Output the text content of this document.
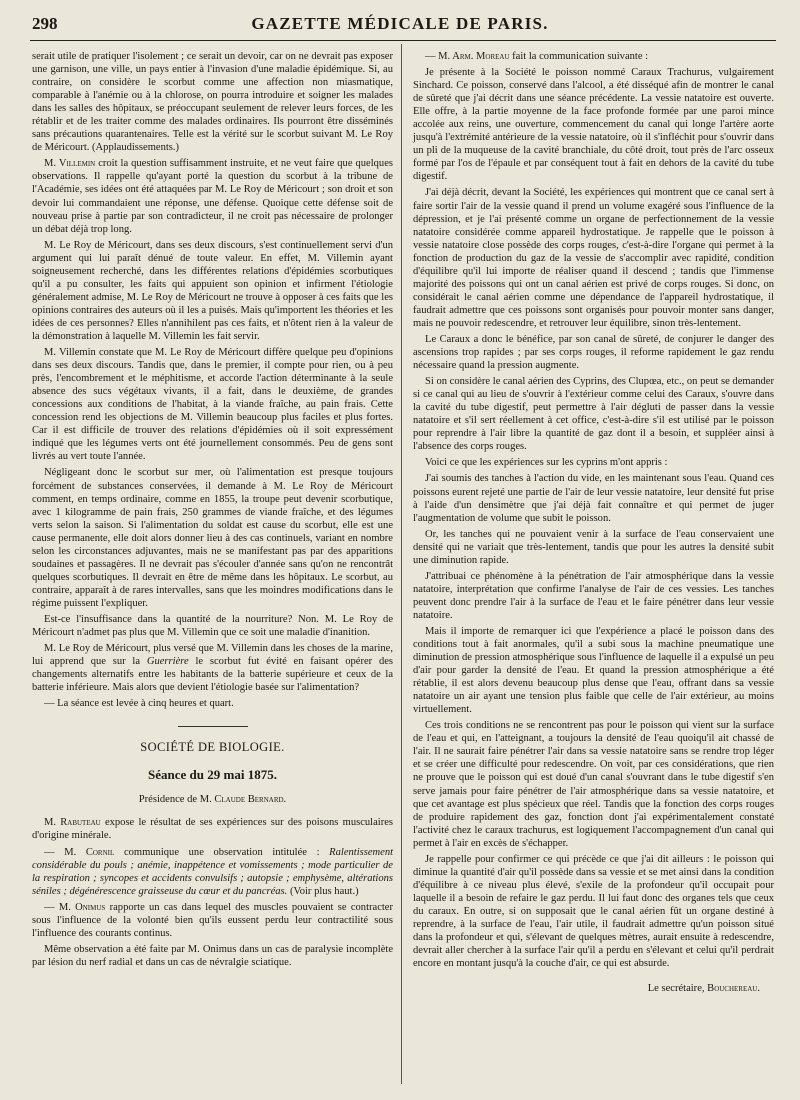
298	GAZETTE MÉDICALE DE PARIS.

serait utile de pratiquer l'isolement ; ce serait un devoir, car on ne devrait pas exposer une garnison, une ville, un pays entier à l'invasion d'une maladie épidémique. Si, au contraire, on considère le scorbut comme une affection non miasmatique, comparable à l'anémie ou à la chlorose, on pourra introduire et soigner les malades dans les salles des hôpitaux, se préoccupant seulement de relever leurs forces, de les rétablir et de les traiter comme des malades ordinaires. Ils pourront être disséminés sans précautions quarantenaires. Telle est la vérité sur le scorbut suivant M. Le Roy de Méricourt. (Applaudissements.)

M. Villemin croit la question suffisamment instruite, et ne veut faire que quelques observations. Il rappelle qu'ayant porté la question du scorbut à la tribune de l'Académie, ses idées ont été attaquées par M. Le Roy de Méricourt ; son droit et son devoir lui commandaient une réponse, une défense. Quoique cette défense soit de nouveau prise à partie par son contradicteur, il ne croit pas nécessaire de prolonger un débat déjà trop long.

M. Le Roy de Méricourt, dans ses deux discours, s'est continuellement servi d'un argument qui lui paraît dénué de toute valeur. En effet, M. Villemin ayant soigneusement recherché, dans les différentes relations d'épidémies scorbutiques qu'il a pu consulter, les faits qui appuient son opinion et infirment l'étiologie généralement admise, M. Le Roy de Méricourt ne trouve à opposer à ces faits que les opinions contraires des auteurs où il les a puisés. Mais qu'importent les théories et les idées de ces personnes? Elles n'annihilent pas ces faits, et n'ôtent rien à la valeur de la démonstration à laquelle M. Villemin les fait servir.

M. Villemin constate que M. Le Roy de Méricourt diffère quelque peu d'opinions dans ses deux discours. Tandis que, dans le premier, il compte pour rien, ou à peu près, l'encombrement et le méphitisme, et accorde l'action déterminante à la seule absence des sucs végétaux vivants, il a fait, dans le deuxième, de grandes concessions aux conditions de l'habitat, à la viande fraîche, au pain frais. Cette concession rend les objections de M. Villemin beaucoup plus faciles et plus fortes. Car il est difficile de trouver des relations d'épidémies où il soit expressément indiqué que les légumes verts ont été journellement consommés. Peu de gens sont livrés au vert toute l'année.

Négligeant donc le scorbut sur mer, où l'alimentation est presque toujours forcément de substances conservées, il demande à M. Le Roy de Méricourt comment, en temps ordinaire, comme en 1855, la troupe peut devenir scorbutique, avec 1 kilogramme de pain frais, 250 grammes de viande fraîche, et des légumes verts selon la saison. Si l'alimentation du soldat est cause du scorbut, elle est une cause permanente, elle doit alors donner lieu à des cas continuels, variant en nombre selon les circonstances adjuvantes, mais ne se manifestant pas par des apparitions soudaines et passagères. Il ne devrait pas s'écouler d'année sans qu'on ne rencontrât quelques scorbutiques. Il devrait en être de même dans les hôpitaux. Le scorbut, au contraire, apparaît à de rares intervalles, sans que les moindres modifications dans le régime puissent l'expliquer.

Est-ce l'insuffisance dans la quantité de la nourriture? Non. M. Le Roy de Méricourt n'admet pas plus que M. Villemin que ce soit une maladie d'inanition.

M. Le Roy de Méricourt, plus versé que M. Villemin dans les choses de la marine, lui apprend que sur la Guerrière le scorbut fut évité en faisant opérer des changements alternatifs entre les habitants de la batterie supérieure et ceux de la batterie inférieure. Mais alors que devient l'étiologie basée sur l'alimentation?

— La séance est levée à cinq heures et quart.

SOCIÉTÉ DE BIOLOGIE.
Séance du 29 mai 1875.
Présidence de M. Claude Bernard.

M. Rabuteau expose le résultat de ses expériences sur des poisons musculaires d'origine minérale.

— M. Cornil communique une observation intitulée : Ralentissement considérable du pouls ; anémie, inappétence et vomissements ; mode particulier de la respiration ; syncopes et accidents convulsifs ; autopsie ; emphysème, altérations séniles ; dégénérescence graisseuse du cœur et du pancréas. (Voir plus haut.)

— M. Onimus rapporte un cas dans lequel des muscles pouvaient se contracter sous l'influence de la volonté bien qu'ils eussent perdu leur contractilité sous l'influence des courants continus.

Même observation a été faite par M. Onimus dans un cas de paralysie incomplète par lésion du nerf radial et dans un cas de névralgie sciatique.

— M. Arm. Moreau fait la communication suivante :

Je présente à la Société le poisson nommé Caraux Trachurus, vulgairement Sinchard. Ce poisson, conservé dans l'alcool, a été disséqué afin de montrer le canal de sûreté que j'ai décrit dans une séance précédente. La vessie natatoire est ouverte. Elle offre, à la partie moyenne de la face profonde formée par une paroi mince accolée aux reins, une ouverture, commencement du canal qui longe l'artère aorte jusqu'à l'extrémité antérieure de la vessie natatoire, où il s'infléchit pour s'ouvrir dans un pli de la muqueuse de la cavité branchiale, du côté droit, tout près de l'arc osseux formé par l'os de l'épaule et par conséquent tout à fait en dehors de la cavité du tube digestif.

J'ai déjà décrit, devant la Société, les expériences qui montrent que ce canal sert à faire sortir l'air de la vessie quand il prend un volume exagéré sous l'influence de la dépression, et je l'ai présenté comme un organe de perfectionnement de la vessie natatoire considérée comme appareil hydrostatique. Je rappelle que le poisson à vessie natatoire close possède des corps rouges, c'est-à-dire l'organe qui permet à la fonction de production du gaz de la vessie de s'accomplir avec rapidité, condition d'équilibre qu'il lui importe de réaliser quand il descend ; tandis que l'immense majorité des poissons qui ont un canal aérien est privé de corps rouges. Si donc, on considérait le canal aérien comme une dépendance de l'appareil hydrostatique, il faudrait admettre que ces poissons sont organisés pour pouvoir monter sans danger, mais ne pouvoir redescendre, et retrouver leur équilibre, sinon très-lentement.

Le Caraux a donc le bénéfice, par son canal de sûreté, de conjurer le danger des ascensions trop rapides ; par ses corps rouges, il reforme rapidement le gaz rendu nécessaire quand la pression augmente.

Si on considère le canal aérien des Cyprins, des Clupœa, etc., on peut se demander si ce canal qui au lieu de s'ouvrir à l'extérieur comme celui des Caraux, s'ouvre dans la cavité du tube digestif, peut permettre à l'air dégluti de passer dans la vessie natatoire et s'il sert réellement à cet office, c'est-à-dire s'il est utilisé par le poisson pour reprendre à l'air libre la quantité de gaz dont il a besoin, et suppléer ainsi à l'absence des corps rouges.

Voici ce que les expériences sur les cyprins m'ont appris :

J'ai soumis des tanches à l'action du vide, en les maintenant sous l'eau. Quand ces poissons eurent rejeté une partie de l'air de leur vessie natatoire, leur densité fut prise à l'aide d'un densimètre que j'ai déjà fait connaître et qui permet de juger l'augmentation de volume que subit le poisson.

Or, les tanches qui ne pouvaient venir à la surface de l'eau conservaient une densité qui ne variait que très-lentement, tandis que pour les autres la densité subit une diminution rapide.

J'attribuai ce phénomène à la pénétration de l'air atmosphérique dans la vessie natatoire, interprétation que confirme l'analyse de l'air de ces vessies. Les tanches peuvent donc prendre l'air à la surface de l'eau et le faire pénétrer dans leur vessie natatoire.

Mais il importe de remarquer ici que l'expérience a placé le poisson dans des conditions tout à fait anormales, qu'il a subi sous la machine pneumatique une diminution de pression atmosphérique sous l'influence de laquelle il a expulsé un peu d'air pour garder la densité de l'eau. Et quand la pression atmosphérique a été rétablie, il est alors devenu beaucoup plus dense que l'eau, offrant dans sa vessie natatoire un air ayant une tension plus faible que celle de l'air extérieur, au moins virtuellement.

Ces trois conditions ne se rencontrent pas pour le poisson qui vient sur la surface de l'eau et qui, en l'atteignant, a toujours la densité de l'eau quoiqu'il ait chassé de l'air. Il ne saurait faire pénétrer l'air dans sa vessie natatoire sans se rendre trop léger et se créer une difficulté pour redescendre. On voit, par ces considérations, que rien ne prouve que le poisson qui est doué d'un canal s'ouvrant dans le tube digestif s'en serve jamais pour faire pénétrer de l'air atmosphérique dans sa vessie natatoire, et que cet avantage est plus spécieux que réel. Tandis que la fonction des corps rouges de produire rapidement des gaz, fonction dont j'ai expérimentalement constaté l'activité chez le caraux trachurus, est logiquement l'accompagnement d'un canal qui permet à l'air en excès de s'échapper.

Je rappelle pour confirmer ce qui précède ce que j'ai dit ailleurs : le poisson qui diminue la quantité d'air qu'il possède dans sa vessie et se met ainsi dans la condition d'équilibre à ce niveau plus élevé, s'exile de la profondeur qu'il occupait pour laquelle il a besoin de refaire le gaz perdu. Il lui faut donc des organes tels que ceux du caraux. En outre, si on supposait que le canal aérien fût un organe destiné à reprendre, à la surface de l'eau, l'air utile, il faudrait admettre qu'un poisson situé dans la profondeur et qui, s'élevant de quelques mètres, aurait ensuite à redescendre, devrait aller chercher à la surface l'air qu'il a perdu en s'élevant et celui qu'il perdrait encore en montant jusqu'à la couche d'air, ce qui est absurde.

Le secrétaire, Bouchereau.
